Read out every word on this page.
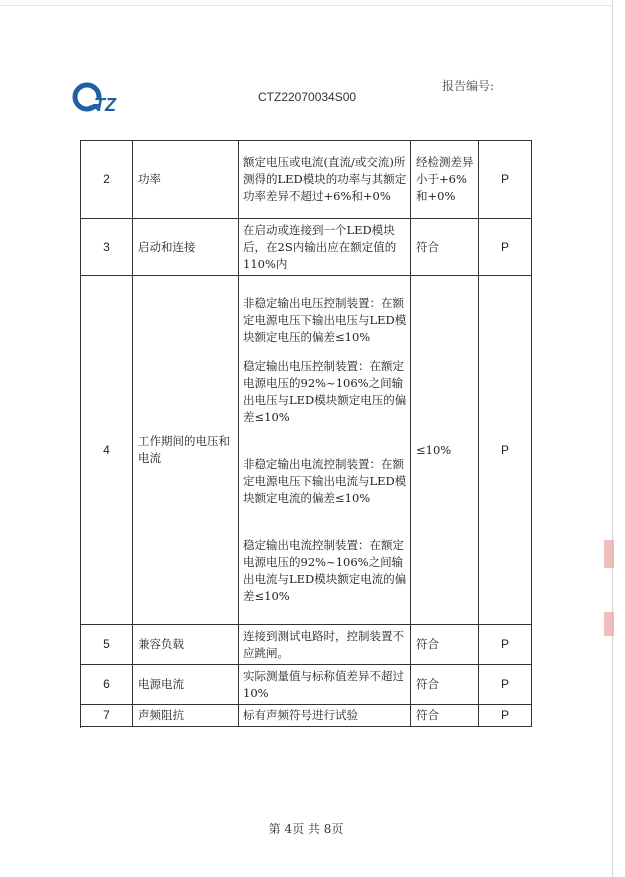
TZ
报告编号:
CTZ22070034S00
2	功率	额定电压或电流(直流/或交流)所测得的LED模块的功率与其额定功率差异不超过+6%和+0%	经检测差异小于+6%和+0%	P
3	启动和连接	在启动或连接到一个LED模块后，在2S内输出应在额定值的110%内	符合	P
4	工作期间的电压和电流	非稳定输出电压控制装置：在额定电源电压下输出电压与LED模块额定电压的偏差≤10%
稳定输出电压控制装置：在额定电源电压的92%~106%之间输出电压与LED模块额定电压的偏差≤10%
非稳定输出电流控制装置：在额定电源电压下输出电流与LED模块额定电流的偏差≤10%
稳定输出电流控制装置：在额定电源电压的92%~106%之间输出电流与LED模块额定电流的偏差≤10%	≤10%	P
5	兼容负载	连接到测试电路时，控制装置不应跳闸。	符合	P
6	电源电流	实际测量值与标称值差异不超过10%	符合	P
7	声频阻抗	标有声频符号进行试验	符合	P
第 4页 共 8页
